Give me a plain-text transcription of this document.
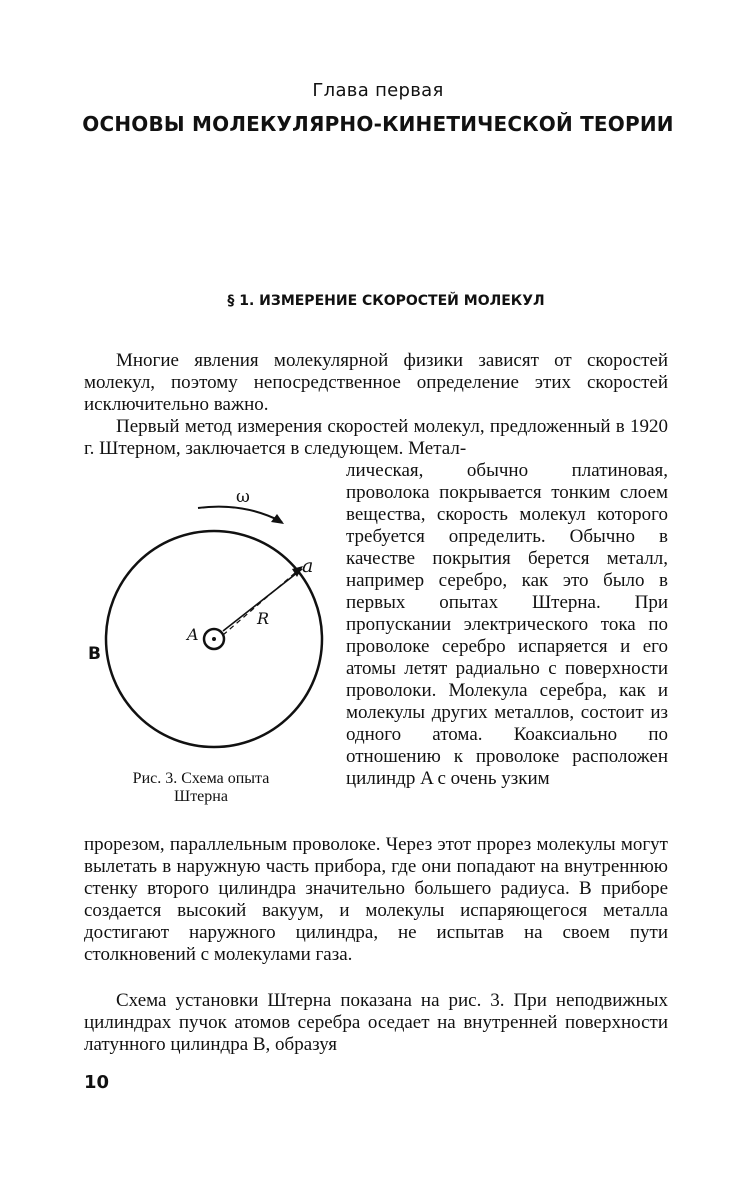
Глава первая
ОСНОВЫ МОЛЕКУЛЯРНО-КИНЕТИЧЕСКОЙ ТЕОРИИ
§ 1. ИЗМЕРЕНИЕ СКОРОСТЕЙ МОЛЕКУЛ

Многие явления молекулярной физики зависят от скоростей молекул, поэтому непосредственное определение этих скоростей исключительно важно.

Первый метод измерения скоростей молекул, предложенный в 1920 г. Штерном, заключается в следующем. Метал-

лическая, обычно платиновая, проволока покрывается тонким слоем вещества, скорость молекул которого требуется определить. Обычно в качестве покрытия берется металл, например серебро, как это было в первых опытах Штерна. При пропускании электрического тока по проволоке серебро испаряется и его атомы летят радиально с поверхности проволоки. Молекула серебра, как и молекулы других металлов, состоит из одного атома. Коаксиально по отношению к проволоке расположен цилиндр A с очень узким

ω
a
A
R
B
Рис. 3. Схема опыта
Штерна

прорезом, параллельным проволоке. Через этот прорез молекулы могут вылетать в наружную часть прибора, где они попадают на внутреннюю стенку второго цилиндра значительно большего радиуса. В приборе создается высокий вакуум, и молекулы испаряющегося металла достигают наружного цилиндра, не испытав на своем пути столкновений с молекулами газа.

Схема установки Штерна показана на рис. 3. При неподвижных цилиндрах пучок атомов серебра оседает на внутренней поверхности латунного цилиндра B, образуя

10
